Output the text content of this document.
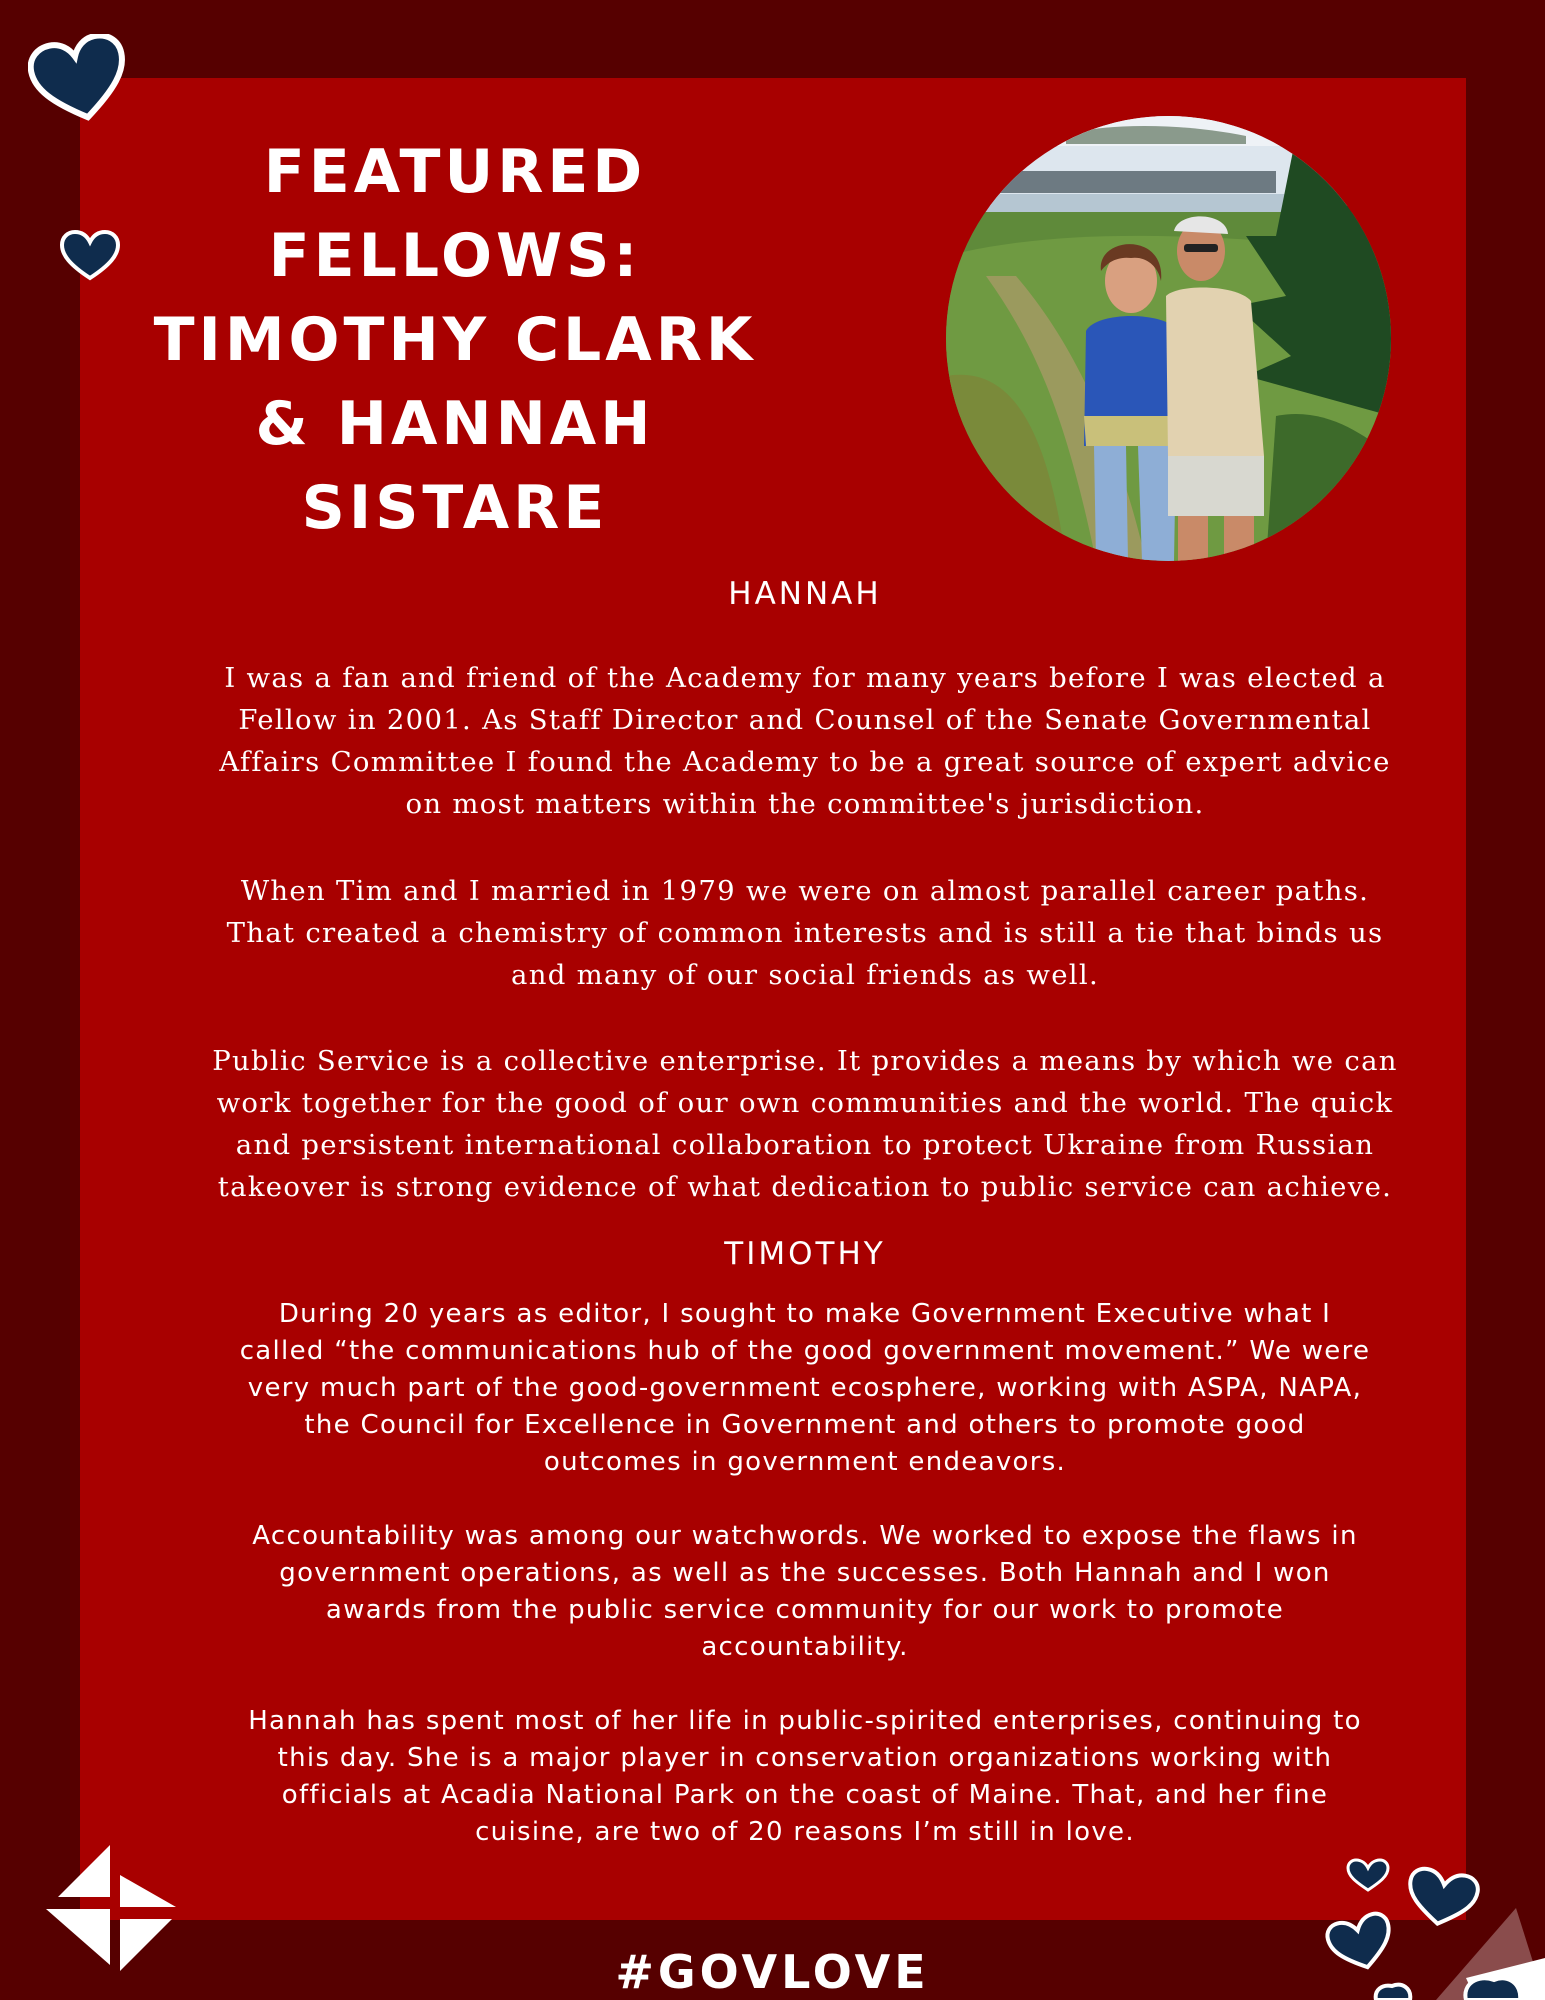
FEATURED
FELLOWS:
TIMOTHY CLARK
& HANNAH
SISTARE
HANNAH

I was a fan and friend of the Academy for many years before I was elected a
Fellow in 2001. As Staff Director and Counsel of the Senate Governmental
Affairs Committee I found the Academy to be a great source of expert advice
on most matters within the committee's jurisdiction.

When Tim and I married in 1979 we were on almost parallel career paths.
That created a chemistry of common interests and is still a tie that binds us
and many of our social friends as well.

Public Service is a collective enterprise. It provides a means by which we can
work together for the good of our own communities and the world. The quick
and persistent international collaboration to protect Ukraine from Russian
takeover is strong evidence of what dedication to public service can achieve.

TIMOTHY

During 20 years as editor, I sought to make Government Executive what I
called “the communications hub of the good government movement.” We were
very much part of the good-government ecosphere, working with ASPA, NAPA,
the Council for Excellence in Government and others to promote good
outcomes in government endeavors.

Accountability was among our watchwords. We worked to expose the flaws in
government operations, as well as the successes. Both Hannah and I won
awards from the public service community for our work to promote
accountability.

Hannah has spent most of her life in public-spirited enterprises, continuing to
this day. She is a major player in conservation organizations working with
officials at Acadia National Park on the coast of Maine. That, and her fine
cuisine, are two of 20 reasons I’m still in love.

#GOVLOVE
